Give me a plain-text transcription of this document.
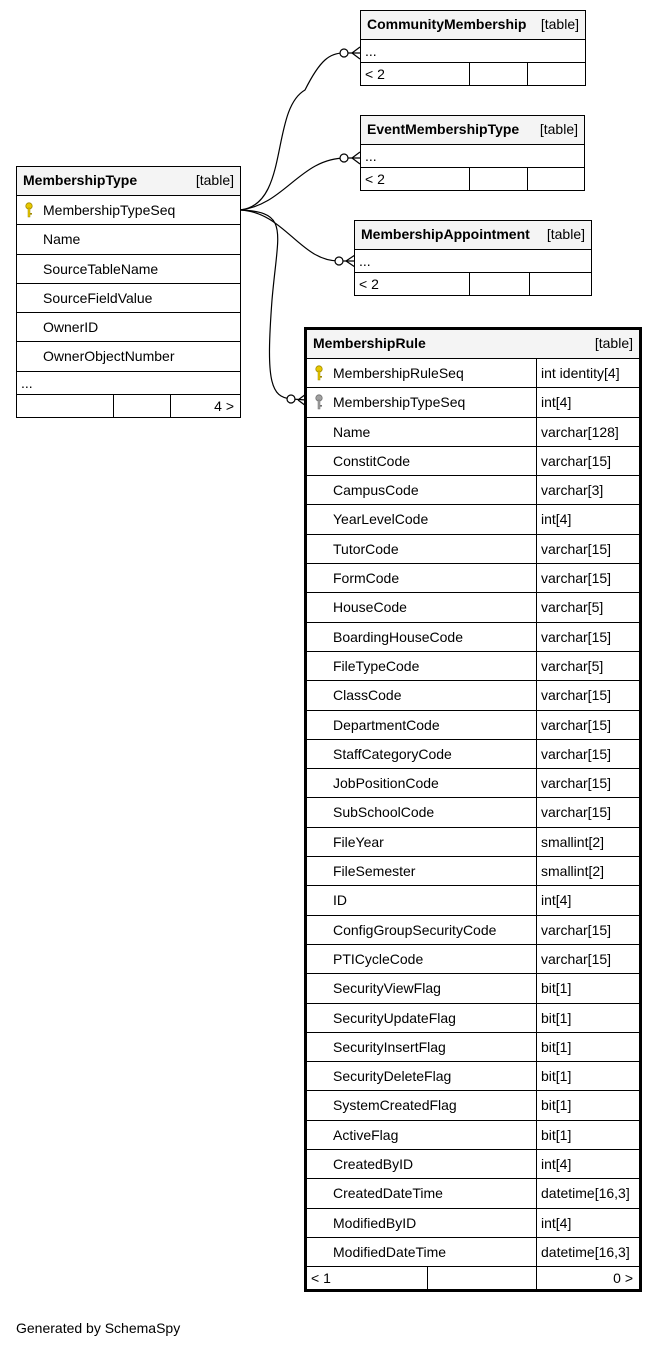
MembershipType	[table]
MembershipTypeSeq
Name
SourceTableName
SourceFieldValue
OwnerID
OwnerObjectNumber
...
4 >
CommunityMembership [table]
...
< 2
EventMembershipType [table]
...
< 2
MembershipAppointment [table]
...
< 2
MembershipRule	[table]
MembershipRuleSeq	int identity[4]
MembershipTypeSeq	int[4]
Name	varchar[128]
ConstitCode	varchar[15]
CampusCode	varchar[3]
YearLevelCode	int[4]
TutorCode	varchar[15]
FormCode	varchar[15]
HouseCode	varchar[5]
BoardingHouseCode	varchar[15]
FileTypeCode	varchar[5]
ClassCode	varchar[15]
DepartmentCode	varchar[15]
StaffCategoryCode	varchar[15]
JobPositionCode	varchar[15]
SubSchoolCode	varchar[15]
FileYear	smallint[2]
FileSemester	smallint[2]
ID	int[4]
ConfigGroupSecurityCode	varchar[15]
PTICycleCode	varchar[15]
SecurityViewFlag	bit[1]
SecurityUpdateFlag	bit[1]
SecurityInsertFlag	bit[1]
SecurityDeleteFlag	bit[1]
SystemCreatedFlag	bit[1]
ActiveFlag	bit[1]
CreatedByID	int[4]
CreatedDateTime	datetime[16,3]
ModifiedByID	int[4]
ModifiedDateTime	datetime[16,3]
< 1	0 >
Generated by SchemaSpy
